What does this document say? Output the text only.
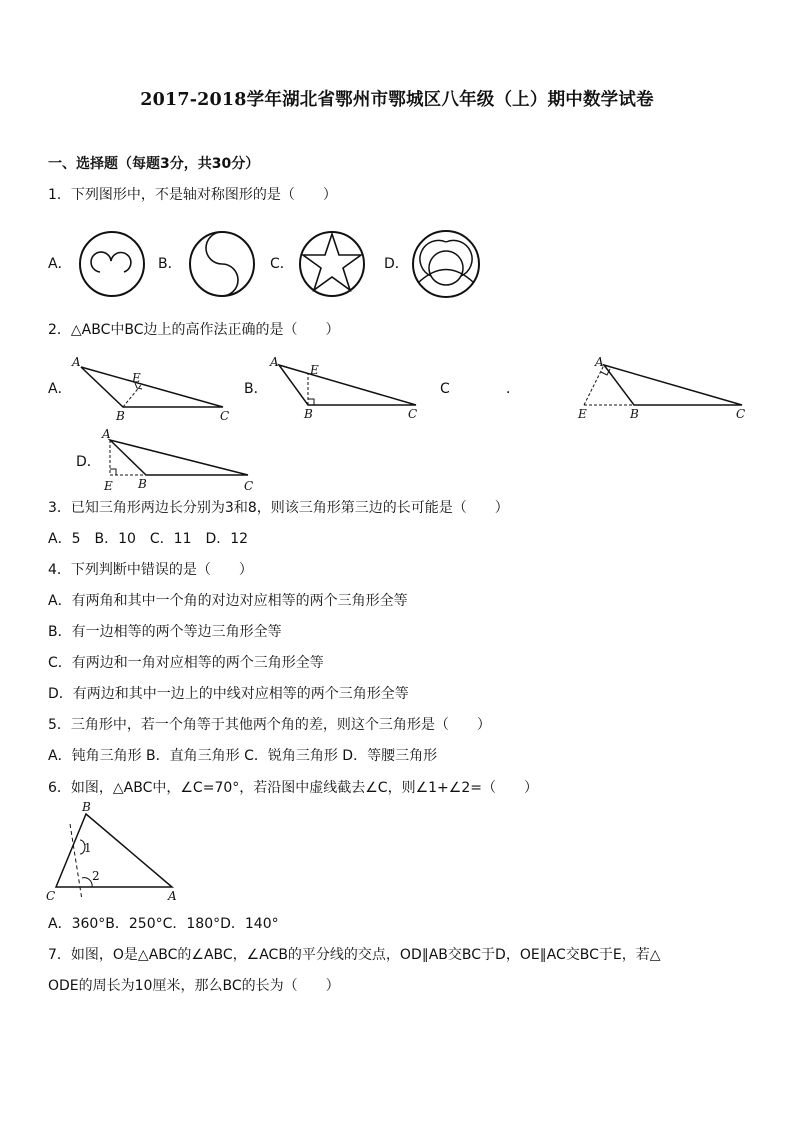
2017-2018学年湖北省鄂州市鄂城区八年级（上）期中数学试卷
一、选择题（每题3分，共30分）
1．下列图形中，不是轴对称图形的是（　　）
A．	B．	C．	D．
2．△ABC中BC边上的高作法正确的是（　　）
A．
A
B	C
E
B．
A
B	C
E
C	．
A
B	C
E
D．
A
B	C
E
3．已知三角形两边长分别为3和8，则该三角形第三边的长可能是（　　）
A．5　B．10　C．11　D．12
4．下列判断中错误的是（　　）
A．有两角和其中一个角的对边对应相等的两个三角形全等
B．有一边相等的两个等边三角形全等
C．有两边和一角对应相等的两个三角形全等
D．有两边和其中一边上的中线对应相等的两个三角形全等
5．三角形中，若一个角等于其他两个角的差，则这个三角形是（　　）
A．钝角三角形 B．直角三角形 C．锐角三角形 D．等腰三角形
6．如图，△ABC中，∠C=70°，若沿图中虚线截去∠C，则∠1+∠2=（　　）
B
C	A
1
2
A．360°B．250°C．180°D．140°
7．如图，O是△ABC的∠ABC，∠ACB的平分线的交点，OD∥AB交BC于D，OE∥AC交BC于E，若△
ODE的周长为10厘米，那么BC的长为（　　）
